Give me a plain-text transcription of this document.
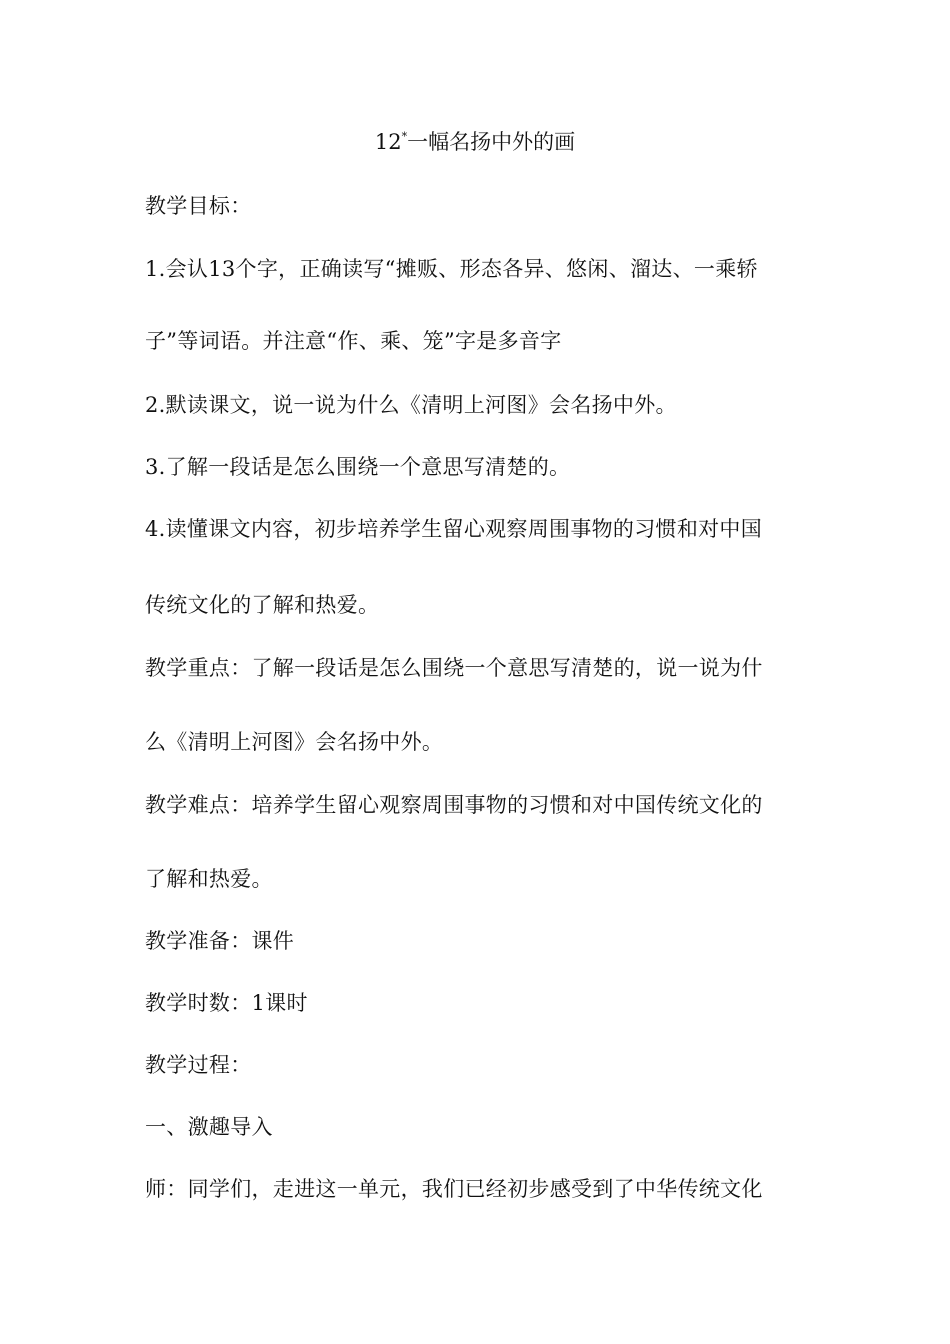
12*一幅名扬中外的画
教学目标：
1.会认13个字，正确读写“摊贩、形态各异、悠闲、溜达、一乘轿
子”等词语。并注意“作、乘、笼”字是多音字
2.默读课文，说一说为什么《清明上河图》会名扬中外。
3.了解一段话是怎么围绕一个意思写清楚的。
4.读懂课文内容，初步培养学生留心观察周围事物的习惯和对中国
传统文化的了解和热爱。
教学重点：了解一段话是怎么围绕一个意思写清楚的，说一说为什
么《清明上河图》会名扬中外。
教学难点：培养学生留心观察周围事物的习惯和对中国传统文化的
了解和热爱。
教学准备：课件
教学时数：1课时
教学过程：
一、激趣导入
师：同学们，走进这一单元，我们已经初步感受到了中华传统文化
